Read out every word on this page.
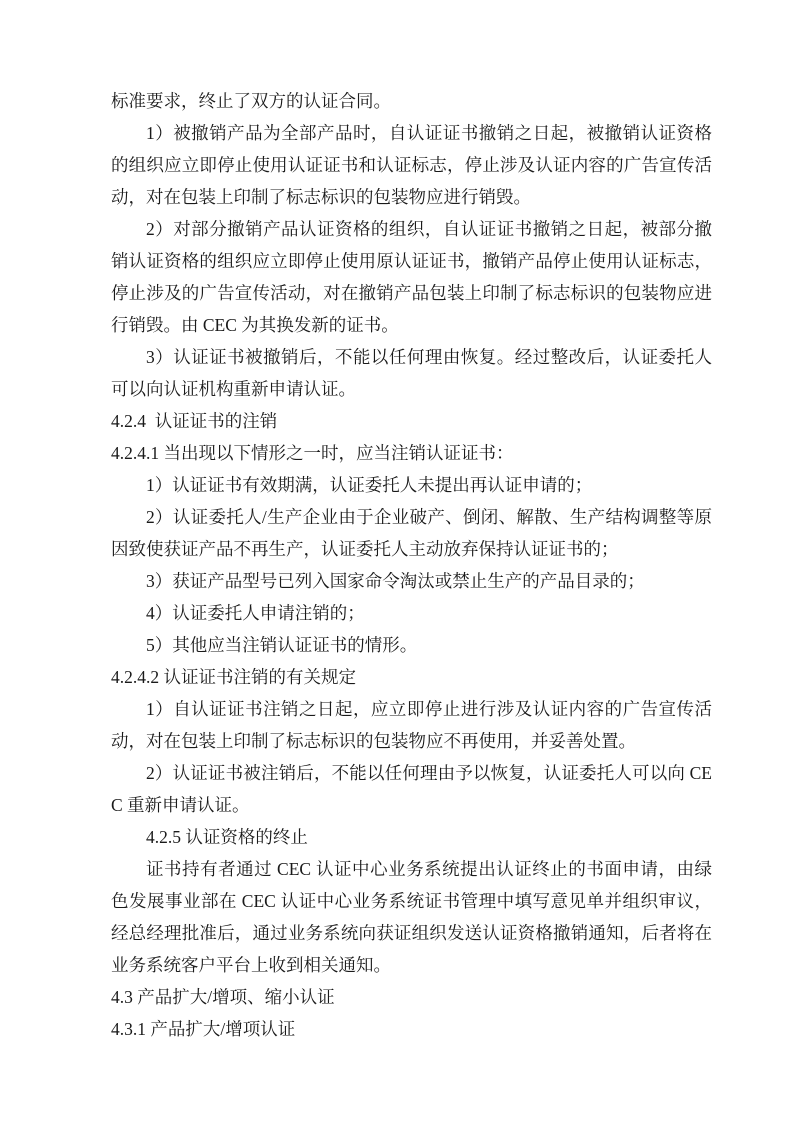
标准要求，终止了双方的认证合同。

1）被撤销产品为全部产品时，自认证证书撤销之日起，被撤销认证资格的组织应立即停止使用认证证书和认证标志，停止涉及认证内容的广告宣传活动，对在包装上印制了标志标识的包装物应进行销毁。

2）对部分撤销产品认证资格的组织，自认证证书撤销之日起，被部分撤销认证资格的组织应立即停止使用原认证证书，撤销产品停止使用认证标志，停止涉及的广告宣传活动，对在撤销产品包装上印制了标志标识的包装物应进行销毁。由 CEC 为其换发新的证书。

3）认证证书被撤销后，不能以任何理由恢复。经过整改后，认证委托人可以向认证机构重新申请认证。

4.2.4  认证证书的注销

4.2.4.1 当出现以下情形之一时，应当注销认证证书：

1）认证证书有效期满，认证委托人未提出再认证申请的；

2）认证委托人/生产企业由于企业破产、倒闭、解散、生产结构调整等原因致使获证产品不再生产，认证委托人主动放弃保持认证证书的；

3）获证产品型号已列入国家命令淘汰或禁止生产的产品目录的；

4）认证委托人申请注销的；

5）其他应当注销认证证书的情形。

4.2.4.2 认证证书注销的有关规定

1）自认证证书注销之日起，应立即停止进行涉及认证内容的广告宣传活动，对在包装上印制了标志标识的包装物应不再使用，并妥善处置。

2）认证证书被注销后，不能以任何理由予以恢复，认证委托人可以向 CEC 重新申请认证。

4.2.5 认证资格的终止

证书持有者通过 CEC 认证中心业务系统提出认证终止的书面申请，由绿色发展事业部在 CEC 认证中心业务系统证书管理中填写意见单并组织审议，经总经理批准后，通过业务系统向获证组织发送认证资格撤销通知，后者将在业务系统客户平台上收到相关通知。

4.3 产品扩大/增项、缩小认证

4.3.1 产品扩大/增项认证
